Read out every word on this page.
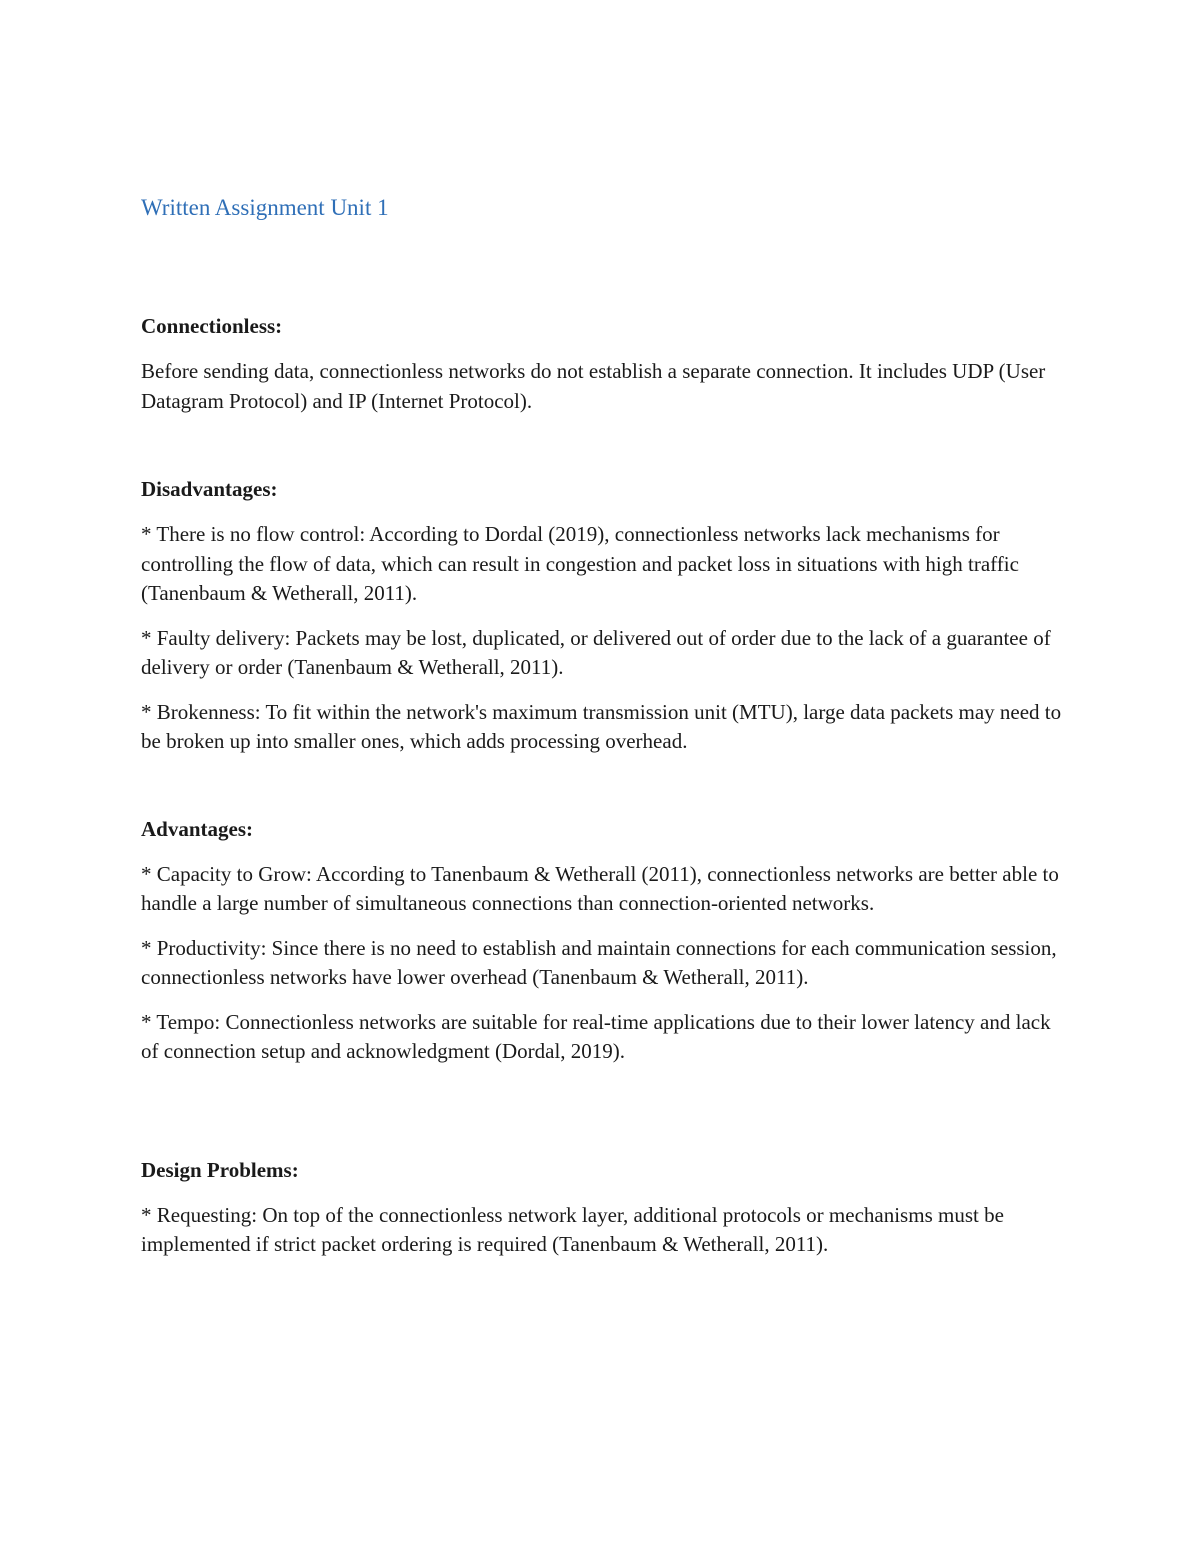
Written Assignment Unit 1
Connectionless:

Before sending data, connectionless networks do not establish a separate connection. It includes UDP (User Datagram Protocol) and IP (Internet Protocol).

Disadvantages:

* There is no flow control: According to Dordal (2019), connectionless networks lack mechanisms for controlling the flow of data, which can result in congestion and packet loss in situations with high traffic (Tanenbaum & Wetherall, 2011).

* Faulty delivery: Packets may be lost, duplicated, or delivered out of order due to the lack of a guarantee of delivery or order (Tanenbaum & Wetherall, 2011).

* Brokenness: To fit within the network's maximum transmission unit (MTU), large data packets may need to be broken up into smaller ones, which adds processing overhead.

Advantages:

* Capacity to Grow: According to Tanenbaum & Wetherall (2011), connectionless networks are better able to handle a large number of simultaneous connections than connection-oriented networks.

* Productivity: Since there is no need to establish and maintain connections for each communication session, connectionless networks have lower overhead (Tanenbaum & Wetherall, 2011).

* Tempo: Connectionless networks are suitable for real-time applications due to their lower latency and lack of connection setup and acknowledgment (Dordal, 2019).

Design Problems:

* Requesting: On top of the connectionless network layer, additional protocols or mechanisms must be implemented if strict packet ordering is required (Tanenbaum & Wetherall, 2011).
